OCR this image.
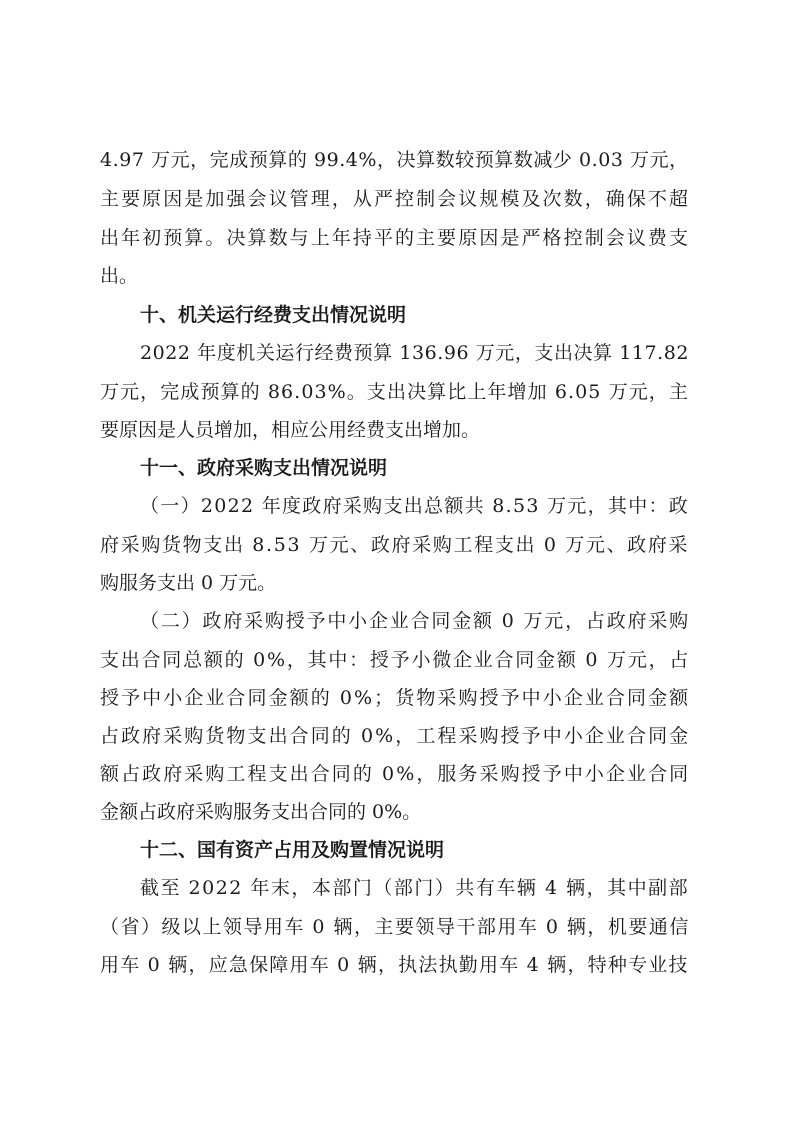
4.97 万元，完成预算的 99.4%，决算数较预算数减少 0.03 万元，
主要原因是加强会议管理，从严控制会议规模及次数，确保不超
出年初预算。决算数与上年持平的主要原因是严格控制会议费支
出。
十、机关运行经费支出情况说明
2022 年度机关运行经费预算 136.96 万元，支出决算 117.82
万元，完成预算的 86.03%。支出决算比上年增加 6.05 万元，主
要原因是人员增加，相应公用经费支出增加。
十一、政府采购支出情况说明
（一）2022 年度政府采购支出总额共 8.53 万元，其中：政
府采购货物支出 8.53 万元、政府采购工程支出 0 万元、政府采
购服务支出 0 万元。
（二）政府采购授予中小企业合同金额 0 万元，占政府采购
支出合同总额的 0%，其中：授予小微企业合同金额 0 万元，占
授予中小企业合同金额的 0%；货物采购授予中小企业合同金额
占政府采购货物支出合同的 0%，工程采购授予中小企业合同金
额占政府采购工程支出合同的 0%，服务采购授予中小企业合同
金额占政府采购服务支出合同的 0%。
十二、国有资产占用及购置情况说明
截至 2022 年末，本部门（部门）共有车辆 4 辆，其中副部
（省）级以上领导用车 0 辆，主要领导干部用车 0 辆，机要通信
用车 0 辆，应急保障用车 0 辆，执法执勤用车 4 辆，特种专业技
